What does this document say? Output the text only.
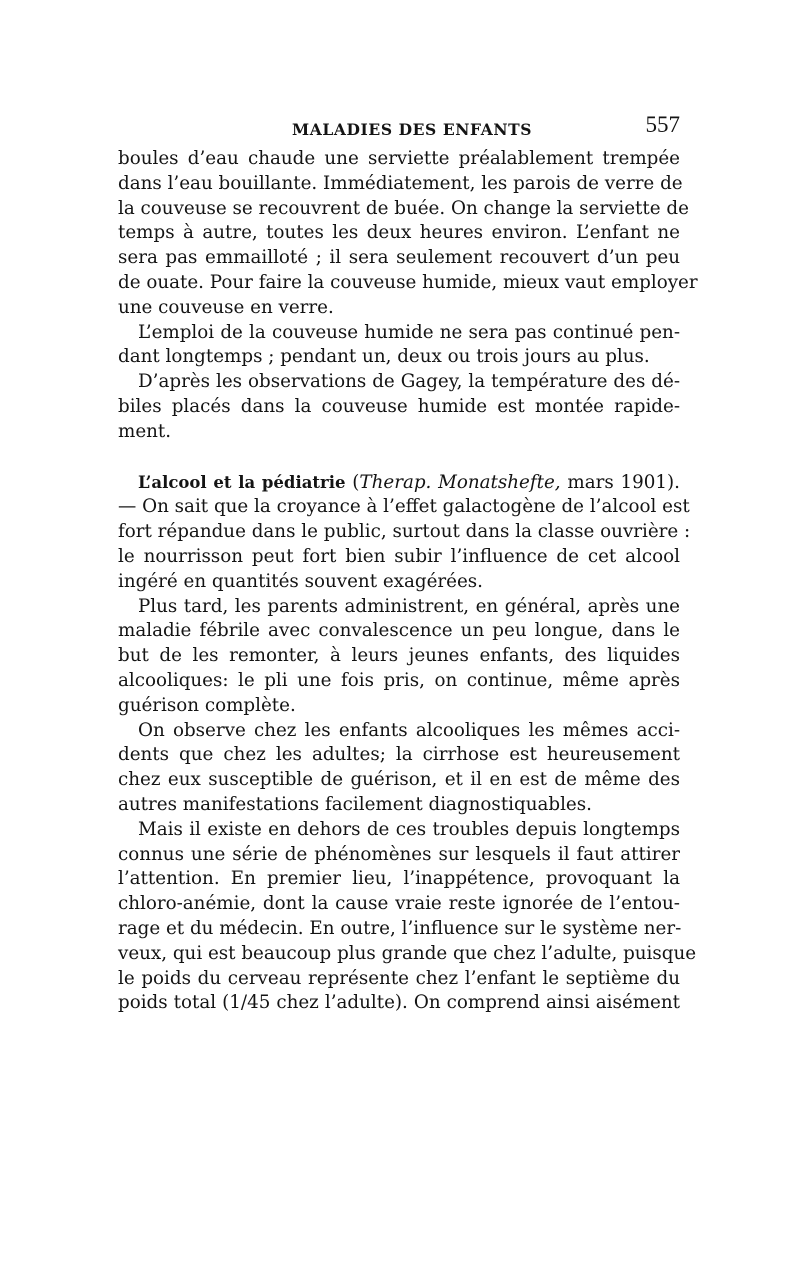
MALADIES DES ENFANTS	557
boules d’eau chaude une serviette préalablement trempée
dans l’eau bouillante. Immédiatement, les parois de verre de
la couveuse se recouvrent de buée. On change la serviette de
temps à autre, toutes les deux heures environ. L’enfant ne
sera pas emmailloté ; il sera seulement recouvert d’un peu
de ouate. Pour faire la couveuse humide, mieux vaut employer
une couveuse en verre.
L’emploi de la couveuse humide ne sera pas continué pen-
dant longtemps ; pendant un, deux ou trois jours au plus.
D’après les observations de Gagey, la température des dé-
biles placés dans la couveuse humide est montée rapide-
ment.
L’alcool et la pédiatrie (Therap. Monatshefte, mars 1901).
— On sait que la croyance à l’effet galactogène de l’alcool est
fort répandue dans le public, surtout dans la classe ouvrière :
le nourrisson peut fort bien subir l’influence de cet alcool
ingéré en quantités souvent exagérées.
Plus tard, les parents administrent, en général, après une
maladie fébrile avec convalescence un peu longue, dans le
but de les remonter, à leurs jeunes enfants, des liquides
alcooliques: le pli une fois pris, on continue, même après
guérison complète.
On observe chez les enfants alcooliques les mêmes acci-
dents que chez les adultes; la cirrhose est heureusement
chez eux susceptible de guérison, et il en est de même des
autres manifestations facilement diagnostiquables.
Mais il existe en dehors de ces troubles depuis longtemps
connus une série de phénomènes sur lesquels il faut attirer
l’attention. En premier lieu, l’inappétence, provoquant la
chloro-anémie, dont la cause vraie reste ignorée de l’entou-
rage et du médecin. En outre, l’influence sur le système ner-
veux, qui est beaucoup plus grande que chez l’adulte, puisque
le poids du cerveau représente chez l’enfant le septième du
poids total (1/45 chez l’adulte). On comprend ainsi aisément
